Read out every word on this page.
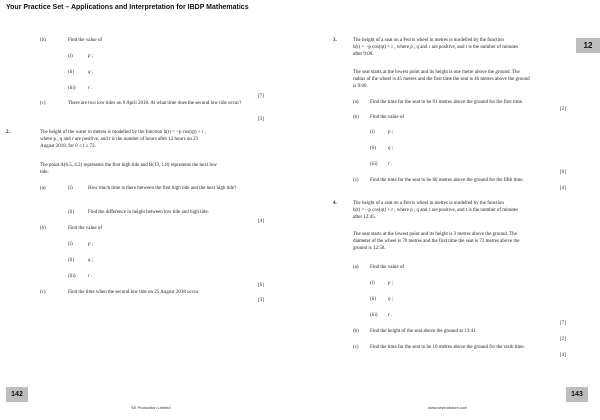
Your Practice Set – Applications and Interpretation for IBDP Mathematics
(b)	Find the value of
(i)	p ;
(ii)	q ;
(iii)	r .
[7]
(c)	There are two low tides on 9 April 2018. At what time does the second low tide occur?
[3]
2.	The height of the water in metres is modelled by the function h(t) = −p cos(qt) + r ,
where p , q and r are positive, and t is the number of hours after 12 hours on 23
August 2018, for 0 ≤ t ≤ 72.
The point A(6.5, 4.2) represents the first high tide and B(13, 1.8) represents the next low
tide.
(a)	(i)	How much time is there between the first high tide and the next high tide?
(ii)	Find the difference in height between low tide and high tide.
[4]
(b)	Find the value of
(i)	p ;
(ii)	q ;
(iii)	r .
[6]
(c)	Find the time when the second low tide on 25 August 2018 occur.
[3]
142
SE Production Limited
3.	The height of a seat on a Ferris wheel in metres is modelled by the function
h(t) = −p cos(qt) + r , where p , q and r are positive, and t is the number of minutes
after 9:00.
The seat starts at the lowest point and its height is one metre above the ground. The
radius of the wheel is 45 metres and the first time the seat is 46 metres above the ground
is 9:09.
(a) Find the time for the seat to be 91 metres above the ground for the first time.
[2]
(b) Find the value of
(i)	p ;
(ii) q ;
(iii) r .
[6]
(c) Find the time for the seat to be 60 metres above the ground for the fifth time.
[4]
4.	The height of a seat on a Ferris wheel in metres is modelled by the function
h(t) = −p cos(qt) + r , where p , q and r are positive, and t is the number of minutes
after 12:45.
The seat starts at the lowest point and its height is 3 metres above the ground. The
diameter of the wheel is 70 metres and the first time the seat is 73 metres above the
ground is 12:58.
(a) Find the value of
(i)	p ;
(ii) q ;
(iii) r .
[7]
(b) Find the height of the seat above the ground at 13:41.
[2]
(c) Find the time for the seat to be 10 metres above the ground for the sixth time.
[4]
www.seprodstore.com
12
143
